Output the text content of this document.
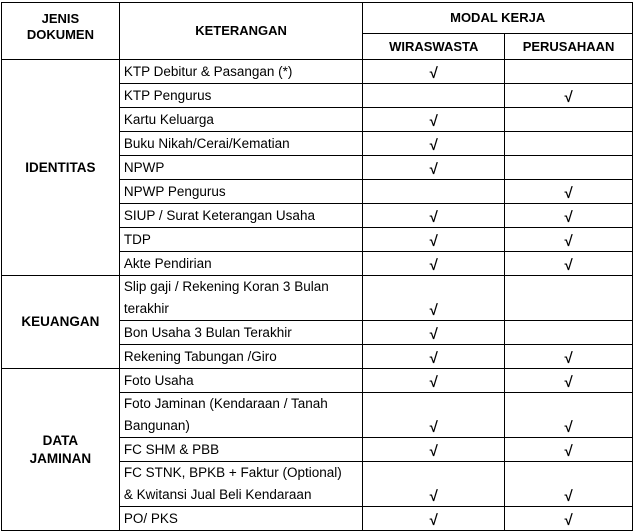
JENIS
DOKUMEN	KETERANGAN	MODAL KERJA	
		WIRASWASTA	PERUSAHAAN

IDENTITAS	KTP Debitur & Pasangan (*)	√	

	KTP Pengurus		√

	Kartu Keluarga	√	

	Buku Nikah/Cerai/Kematian	√	

	NPWP	√	

	NPWP Pengurus		√

	SIUP / Surat Keterangan Usaha	√	√

	TDP	√	√

	Akte Pendirian	√	√

KEUANGAN	Slip gaji / Rekening Koran 3 Bulan
terakhir	√	

	Bon Usaha 3 Bulan Terakhir	√	

	Rekening Tabungan /Giro	√	√

DATA
JAMINAN	Foto Usaha	√	√

	Foto Jaminan (Kendaraan / Tanah
Bangunan)	√	√

	FC SHM & PBB	√	√

	FC STNK, BPKB + Faktur (Optional)
& Kwitansi Jual Beli Kendaraan	√	√

	PO/ PKS	√	√
